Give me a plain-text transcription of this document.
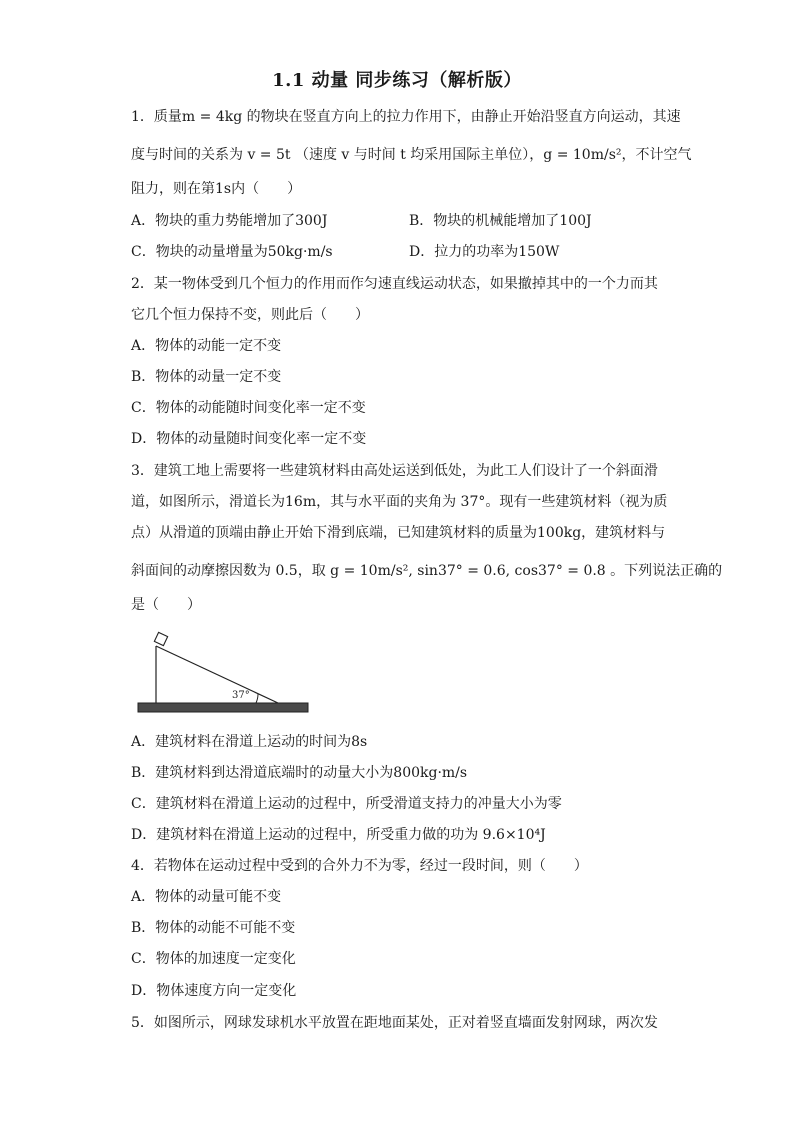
1.1 动量 同步练习（解析版）
1．质量m = 4kg 的物块在竖直方向上的拉力作用下，由静止开始沿竖直方向运动，其速
度与时间的关系为 v = 5t （速度 v 与时间 t 均采用国际主单位），g = 10m/s²，不计空气
阻力，则在第1s内（　　）
A．物块的重力势能增加了300J	B．物块的机械能增加了100J
C．物块的动量增量为50kg·m/s	D．拉力的功率为150W
2．某一物体受到几个恒力的作用而作匀速直线运动状态，如果撤掉其中的一个力而其
它几个恒力保持不变，则此后（　　）
A．物体的动能一定不变
B．物体的动量一定不变
C．物体的动能随时间变化率一定不变
D．物体的动量随时间变化率一定不变
3．建筑工地上需要将一些建筑材料由高处运送到低处，为此工人们设计了一个斜面滑
道，如图所示，滑道长为16m，其与水平面的夹角为 37°。现有一些建筑材料（视为质
点）从滑道的顶端由静止开始下滑到底端，已知建筑材料的质量为100kg，建筑材料与
斜面间的动摩擦因数为 0.5，取 g = 10m/s², sin37° = 0.6, cos37° = 0.8 。下列说法正确的
是（　　）
37°
A．建筑材料在滑道上运动的时间为8s
B．建筑材料到达滑道底端时的动量大小为800kg·m/s
C．建筑材料在滑道上运动的过程中，所受滑道支持力的冲量大小为零
D．建筑材料在滑道上运动的过程中，所受重力做的功为 9.6×10⁴J
4．若物体在运动过程中受到的合外力不为零，经过一段时间，则（　　）
A．物体的动量可能不变
B．物体的动能不可能不变
C．物体的加速度一定变化
D．物体速度方向一定变化
5．如图所示，网球发球机水平放置在距地面某处，正对着竖直墙面发射网球，两次发
